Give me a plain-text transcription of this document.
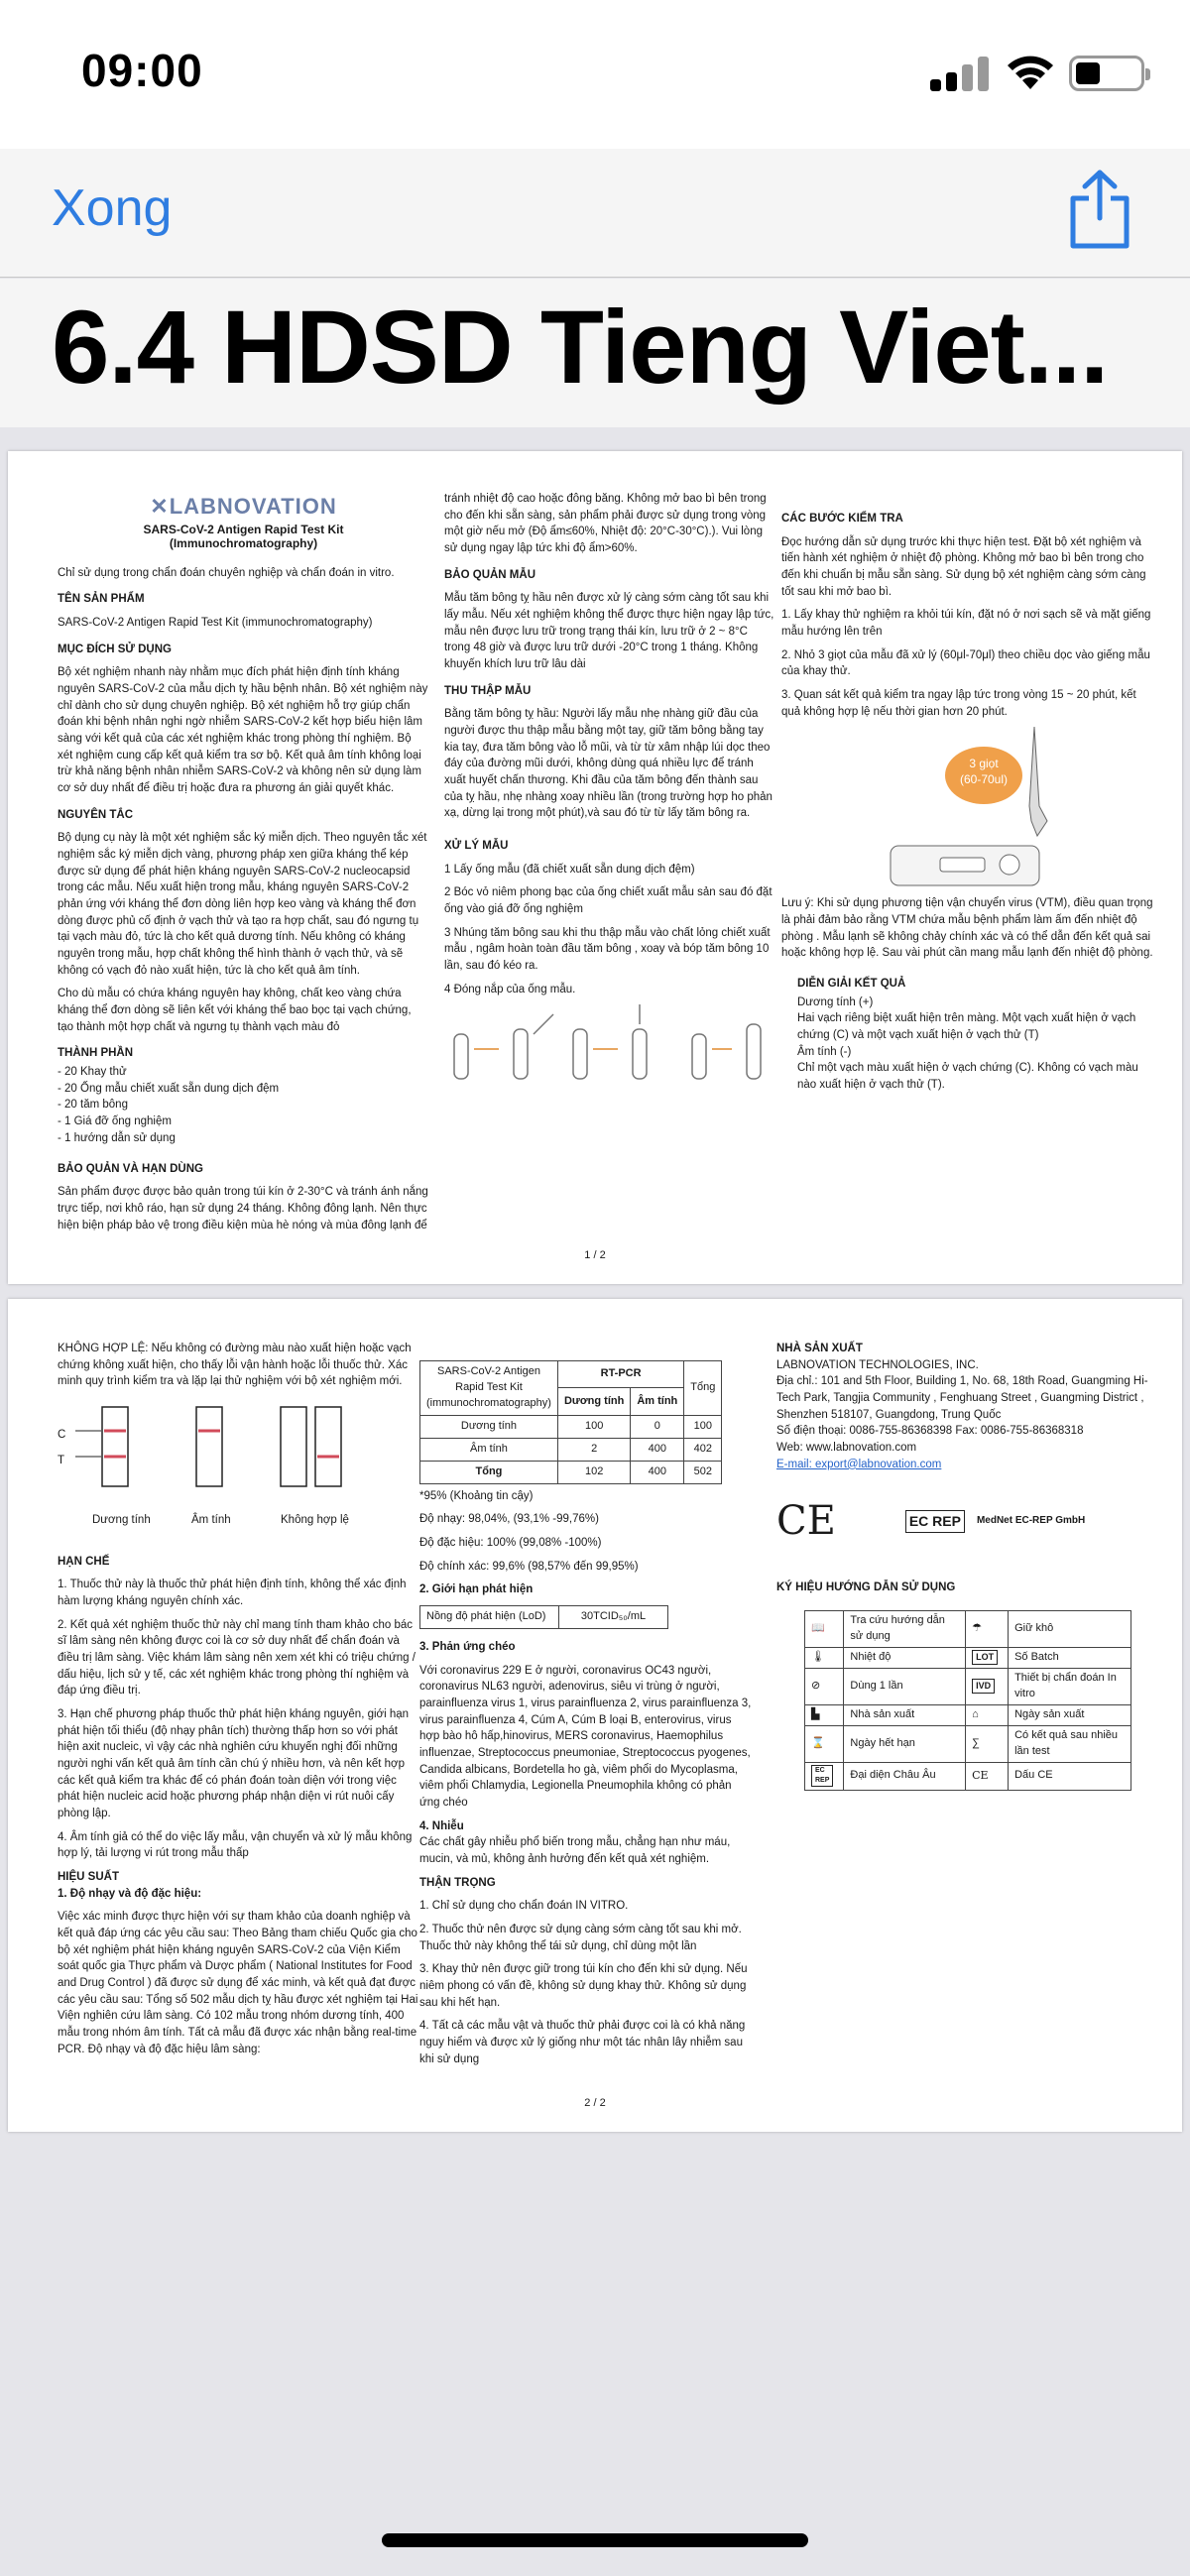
09:00
Xong
6.4 HDSD Tieng Viet...
✕LABNOVATION
SARS-CoV-2 Antigen Rapid Test Kit
(Immunochromatography)

Chỉ sử dụng trong chẩn đoán chuyên nghiệp và chẩn đoán in vitro.

TÊN SẢN PHẨM

SARS-CoV-2 Antigen Rapid Test Kit (immunochromatography)

MỤC ĐÍCH SỬ DỤNG

Bộ xét nghiệm nhanh này nhằm mục đích phát hiện định tính kháng nguyên SARS-CoV-2 của mẫu dịch tỵ hầu bệnh nhân. Bộ xét nghiệm này chỉ dành cho sử dụng chuyên nghiệp. Bộ xét nghiệm hỗ trợ giúp chẩn đoán khi bệnh nhân nghi ngờ nhiễm SARS-CoV-2 kết hợp biểu hiện lâm sàng với kết quả của các xét nghiệm khác trong phòng thí nghiệm. Bộ xét nghiệm cung cấp kết quả kiểm tra sơ bộ. Kết quả âm tính không loại trừ khả năng bệnh nhân nhiễm SARS-CoV-2 và không nên sử dụng làm cơ sở duy nhất để điều trị hoặc đưa ra phương án giải quyết khác.

NGUYÊN TẮC

Bộ dụng cụ này là một xét nghiệm sắc ký miễn dịch. Theo nguyên tắc xét nghiệm sắc ký miễn dịch vàng, phương pháp xen giữa kháng thể kép được sử dụng để phát hiện kháng nguyên SARS-CoV-2 nucleocapsid trong các mẫu. Nếu xuất hiện trong mẫu, kháng nguyên SARS-CoV-2 phản ứng với kháng thể đơn dòng liên hợp keo vàng và kháng thể đơn dòng được phủ cố định ở vạch thử và tạo ra hợp chất, sau đó ngưng tụ tại vạch màu đỏ, tức là cho kết quả dương tính. Nếu không có kháng nguyên trong mẫu, hợp chất không thể hình thành ở vạch thử, và sẽ không có vạch đỏ nào xuất hiện, tức là cho kết quả âm tính.

Cho dù mẫu có chứa kháng nguyên hay không, chất keo vàng chứa kháng thể đơn dòng sẽ liên kết với kháng thể bao bọc tại vạch chứng, tạo thành một hợp chất và ngưng tụ thành vạch màu đỏ

THÀNH PHẦN

- 20 Khay thử
- 20 Ống mẫu chiết xuất sẵn dung dịch đệm
- 20 tăm bông
- 1 Giá đỡ ống nghiệm
- 1 hướng dẫn sử dụng

BẢO QUẢN VÀ HẠN DÙNG

Sản phẩm được được bảo quản trong túi kín ở 2-30°C và tránh ánh nắng trực tiếp, nơi khô ráo, hạn sử dụng 24 tháng. Không đông lạnh. Nên thực hiện biện pháp bảo vệ trong điều kiện mùa hè nóng và mùa đông lạnh để

tránh nhiệt độ cao hoặc đông băng. Không mở bao bì bên trong cho đến khi sẵn sàng, sản phẩm phải được sử dụng trong vòng một giờ nếu mở (Độ ẩm≤60%, Nhiệt độ: 20°C-30°C).). Vui lòng sử dụng ngay lập tức khi độ ẩm>60%.

BẢO QUẢN MẪU

Mẫu tăm bông tỵ hầu nên được xử lý càng sớm càng tốt sau khi lấy mẫu. Nếu xét nghiệm không thể được thực hiện ngay lập tức, mẫu nên được lưu trữ trong trạng thái kín, lưu trữ ở 2 ~ 8°C trong 48 giờ và được lưu trữ dưới -20°C trong 1 tháng. Không khuyến khích lưu trữ lâu dài

THU THẬP MẪU

Bằng tăm bông tỵ hầu: Người lấy mẫu nhẹ nhàng giữ đầu của người được thu thập mẫu bằng một tay, giữ tăm bông bằng tay kia tay, đưa tăm bông vào lỗ mũi, và từ từ xâm nhập lúi dọc theo đáy của đường mũi dưới, không dùng quá nhiều lực để tránh xuất huyết chấn thương. Khi đầu của tăm bông đến thành sau của tỵ hầu, nhẹ nhàng xoay nhiều lần (trong trường hợp ho phản xạ, dừng lại trong một phút),và sau đó từ từ lấy tăm bông ra.

XỬ LÝ MẪU

1 Lấy ống mẫu (đã chiết xuất sẵn dung dịch đệm)

2 Bóc vỏ niêm phong bạc của ống chiết xuất mẫu sản sau đó đặt ống vào giá đỡ ống nghiệm

3 Nhúng tăm bông sau khi thu thập mẫu vào chất lỏng chiết xuất mẫu , ngâm hoàn toàn đầu tăm bông , xoay và bóp tăm bông 10 lần, sau đó kéo ra.

4 Đóng nắp của ống mẫu.

CÁC BƯỚC KIỂM TRA

Đọc hướng dẫn sử dụng trước khi thực hiện test. Đặt bộ xét nghiệm và tiến hành xét nghiệm ở nhiệt độ phòng. Không mở bao bì bên trong cho đến khi chuẩn bị mẫu sẵn sàng. Sử dụng bộ xét nghiệm càng sớm càng tốt sau khi mở bao bì.

1. Lấy khay thử nghiệm ra khỏi túi kín, đặt nó ở nơi sạch sẽ và mặt giếng mẫu hướng lên trên

2. Nhỏ 3 giọt của mẫu đã xử lý (60μl-70μl) theo chiều dọc vào giếng mẫu của khay thử.

3. Quan sát kết quả kiểm tra ngay lập tức trong vòng 15 ~ 20 phút, kết quả không hợp lệ nếu thời gian hơn 20 phút.

3 giọt
(60-70ul)

Lưu ý: Khi sử dụng phương tiện vận chuyển virus (VTM), điều quan trọng là phải đảm bảo rằng VTM chứa mẫu bệnh phẩm làm ấm đến nhiệt độ phòng . Mẫu lạnh sẽ không chảy chính xác và có thể dẫn đến kết quả sai hoặc không hợp lệ. Sau vài phút cần mang mẫu lạnh đến nhiệt độ phòng.

DIỄN GIẢI KẾT QUẢ

Dương tính (+)
Hai vạch riêng biệt xuất hiện trên màng. Một vạch xuất hiện ở vạch chứng (C) và một vạch xuất hiện ở vạch thử (T)
Âm tính (-)
Chỉ một vạch màu xuất hiện ở vạch chứng (C). Không có vạch màu nào xuất hiện ở vạch thử (T).
1 / 2

KHÔNG HỢP LỆ: Nếu không có đường màu nào xuất hiện hoặc vạch chứng không xuất hiện, cho thấy lỗi vận hành hoặc lỗi thuốc thử. Xác minh quy trình kiểm tra và lặp lại thử nghiệm với bộ xét nghiệm mới.

C
T
Dương tính	Âm tính	Không hợp lệ

HẠN CHẾ

1. Thuốc thử này là thuốc thử phát hiện định tính, không thể xác định hàm lượng kháng nguyên chính xác.

2. Kết quả xét nghiệm thuốc thử này chỉ mang tính tham khảo cho bác sĩ lâm sàng nên không được coi là cơ sở duy nhất để chẩn đoán và điều trị lâm sàng. Việc khám lâm sàng nên xem xét khi có triệu chứng / dấu hiệu, lịch sử y tế, các xét nghiệm khác trong phòng thí nghiệm và đáp ứng điều trị.

3. Hạn chế phương pháp thuốc thử phát hiện kháng nguyên, giới hạn phát hiện tối thiểu (độ nhạy phân tích) thường thấp hơn so với phát hiện axit nucleic, vì vậy các nhà nghiên cứu khuyến nghị đối những người nghi vấn kết quả âm tính cần chú ý nhiều hơn, và nên kết hợp các kết quả kiểm tra khác để có phán đoán toàn diện với trong việc phát hiện nucleic acid hoặc phương pháp nhận diện vi rút nuôi cấy phòng lập.

4. Âm tính giả có thể do việc lấy mẫu, vận chuyển và xử lý mẫu không hợp lý, tải lượng vi rút trong mẫu thấp

HIỆU SUẤT

1. Độ nhạy và độ đặc hiệu:

Việc xác minh được thực hiện với sự tham khảo của doanh nghiệp và kết quả đáp ứng các yêu cầu sau: Theo Bảng tham chiếu Quốc gia cho bộ xét nghiệm phát hiện kháng nguyên SARS-CoV-2 của Viện Kiểm soát quốc gia Thực phẩm và Dược phẩm ( National Institutes for Food and Drug Control ) đã được sử dụng để xác minh, và kết quả đạt được các yêu cầu sau: Tổng số 502 mẫu dịch tỵ hầu được xét nghiệm tại Hai Viện nghiên cứu lâm sàng. Có 102 mẫu trong nhóm dương tính, 400 mẫu trong nhóm âm tính. Tất cả mẫu đã được xác nhận bằng real-time PCR. Độ nhạy và độ đặc hiệu lâm sàng:

SARS-CoV-2 Antigen Rapid Test Kit (immunochromatography)	RT-PCR		Tổng
	Dương tính	Âm tính	
Dương tính	100	0	100
Âm tính	2	400	402
Tổng	102	400	502

*95% (Khoảng tin cậy)

Độ nhạy: 98,04%, (93,1% -99,76%)

Độ đặc hiệu: 100% (99,08% -100%)

Độ chính xác: 99,6% (98,57% đến 99,95%)

2. Giới hạn phát hiện

Nồng độ phát hiện (LoD)	30TCID₅₀/mL

3. Phản ứng chéo

Với coronavirus 229 E ở người, coronavirus OC43 người, coronavirus NL63 người, adenovirus, siêu vi trùng ở người, parainfluenza virus 1, virus parainfluenza 2, virus parainfluenza 3, virus parainfluenza 4, Cúm A, Cúm B loại B, enterovirus, virus hợp bào hô hấp,hinovirus, MERS coronavirus, Haemophilus influenzae, Streptococcus pneumoniae, Streptococcus pyogenes, Candida albicans, Bordetella ho gà, viêm phổi do Mycoplasma, viêm phổi Chlamydia, Legionella Pneumophila không có phản ứng chéo

4. Nhiễu

Các chất gây nhiễu phổ biến trong mẫu, chẳng hạn như máu, mucin, và mủ, không ảnh hưởng đến kết quả xét nghiệm.

THẬN TRỌNG

1. Chỉ sử dụng cho chẩn đoán IN VITRO.

2. Thuốc thử nên được sử dụng càng sớm càng tốt sau khi mở. Thuốc thử này không thể tái sử dụng, chỉ dùng một lần

3. Khay thử nên được giữ trong túi kín cho đến khi sử dụng. Nếu niêm phong có vấn đề, không sử dụng khay thử. Không sử dụng sau khi hết hạn.

4. Tất cả các mẫu vật và thuốc thử phải được coi là có khả năng nguy hiểm và được xử lý giống như một tác nhân lây nhiễm sau khi sử dụng

NHÀ SẢN XUẤT

LABNOVATION TECHNOLOGIES, INC.
Địa chỉ.: 101 and 5th Floor, Building 1, No. 68, 18th Road, Guangming Hi- Tech Park, Tangjia Community , Fenghuang Street , Guangming District , Shenzhen 518107, Guangdong, Trung Quốc
Số điện thoại: 0086-755-86368398 Fax: 0086-755-86368318
Web: www.labnovation.com
E-mail: export@labnovation.com
CE	EC REP	MedNet EC-REP GmbH

KÝ HIỆU HƯỚNG DẪN SỬ DỤNG

📖	Tra cứu hướng dẫn sử dụng	☂	Giữ khô
🌡	Nhiệt độ	LOT	Số Batch
⊘	Dùng 1 lần	IVD	Thiết bị chẩn đoán In vitro
▙	Nhà sản xuất	⌂	Ngày sản xuất
⌛	Ngày hết hạn	∑	Có kết quả sau nhiều lần test
EC REP	Đại diện Châu Âu	CE	Dấu CE
2 / 2
